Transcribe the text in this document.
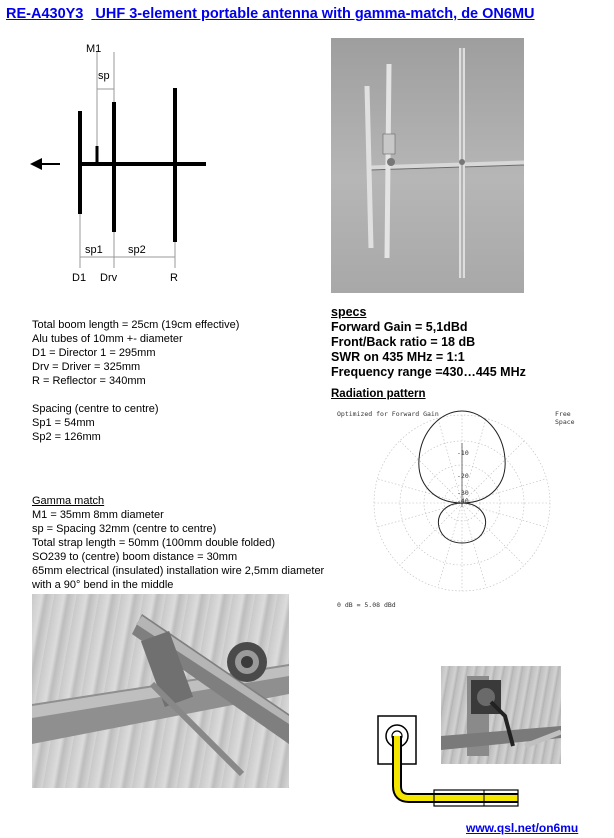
RE-A430Y3 UHF 3-element portable antenna with gamma-match, de ON6MU
M1
sp
sp1 sp2
D1 Drv	R
Total boom length = 25cm (19cm effective)
Alu tubes of 10mm +- diameter
D1 = Director 1 = 295mm
Drv = Driver = 325mm
R = Reflector = 340mm
Spacing (centre to centre)
Sp1 = 54mm
Sp2 = 126mm
Gamma match
M1 = 35mm 8mm diameter
sp = Spacing 32mm (centre to centre)
Total strap length = 50mm (100mm double folded)
SO239 to (centre) boom distance = 30mm
65mm electrical (insulated) installation wire 2,5mm diameter
with a 90° bend in the middle
specs
Forward Gain = 5,1dBd
Front/Back ratio = 18 dB
SWR on 435 MHz = 1:1
Frequency range =430…445 MHz
Radiation pattern
Optimized for Forward Gain	Free Space
-10
-20
-30
-40
0 dB = 5.08 dBd
www.qsl.net/on6mu
